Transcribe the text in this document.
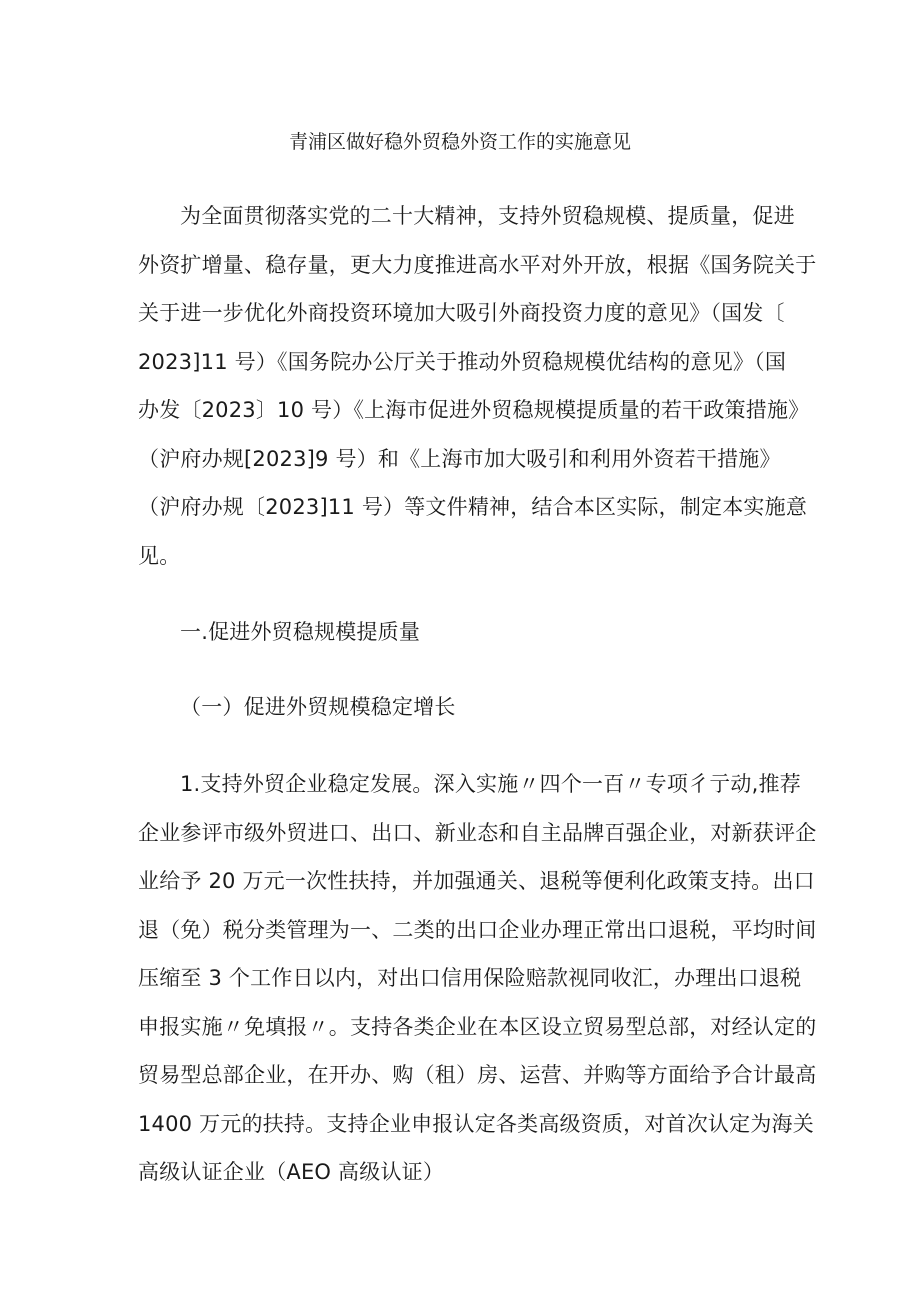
青浦区做好稳外贸稳外资工作的实施意见
为全面贯彻落实党的二十大精神，支持外贸稳规模、提质量，促进
外资扩增量、稳存量，更大力度推进高水平对外开放，根据《国务院关于
关于进一步优化外商投资环境加大吸引外商投资力度的意见》（国发〔
2023]11 号）《国务院办公厅关于推动外贸稳规模优结构的意见》（国
办发〔2023〕10 号）《上海市促进外贸稳规模提质量的若干政策措施》
（沪府办规[2023]9 号）和《上海市加大吸引和利用外资若干措施》
（沪府办规〔2023]11 号）等文件精神，结合本区实际，制定本实施意
见。
一.促进外贸稳规模提质量
（一）促进外贸规模稳定增长
1.支持外贸企业稳定发展。深入实施〃四个一百〃专项彳亍动,推荐
企业参评市级外贸进口、出口、新业态和自主品牌百强企业，对新获评企
业给予 20 万元一次性扶持，并加强通关、退税等便利化政策支持。出口
退（免）税分类管理为一、二类的出口企业办理正常出口退税，平均时间
压缩至 3 个工作日以内，对出口信用保险赔款视同收汇，办理出口退税
申报实施〃免填报〃。支持各类企业在本区设立贸易型总部，对经认定的
贸易型总部企业，在开办、购（租）房、运营、并购等方面给予合计最高
1400 万元的扶持。支持企业申报认定各类高级资质，对首次认定为海关
高级认证企业（AEO 高级认证）
